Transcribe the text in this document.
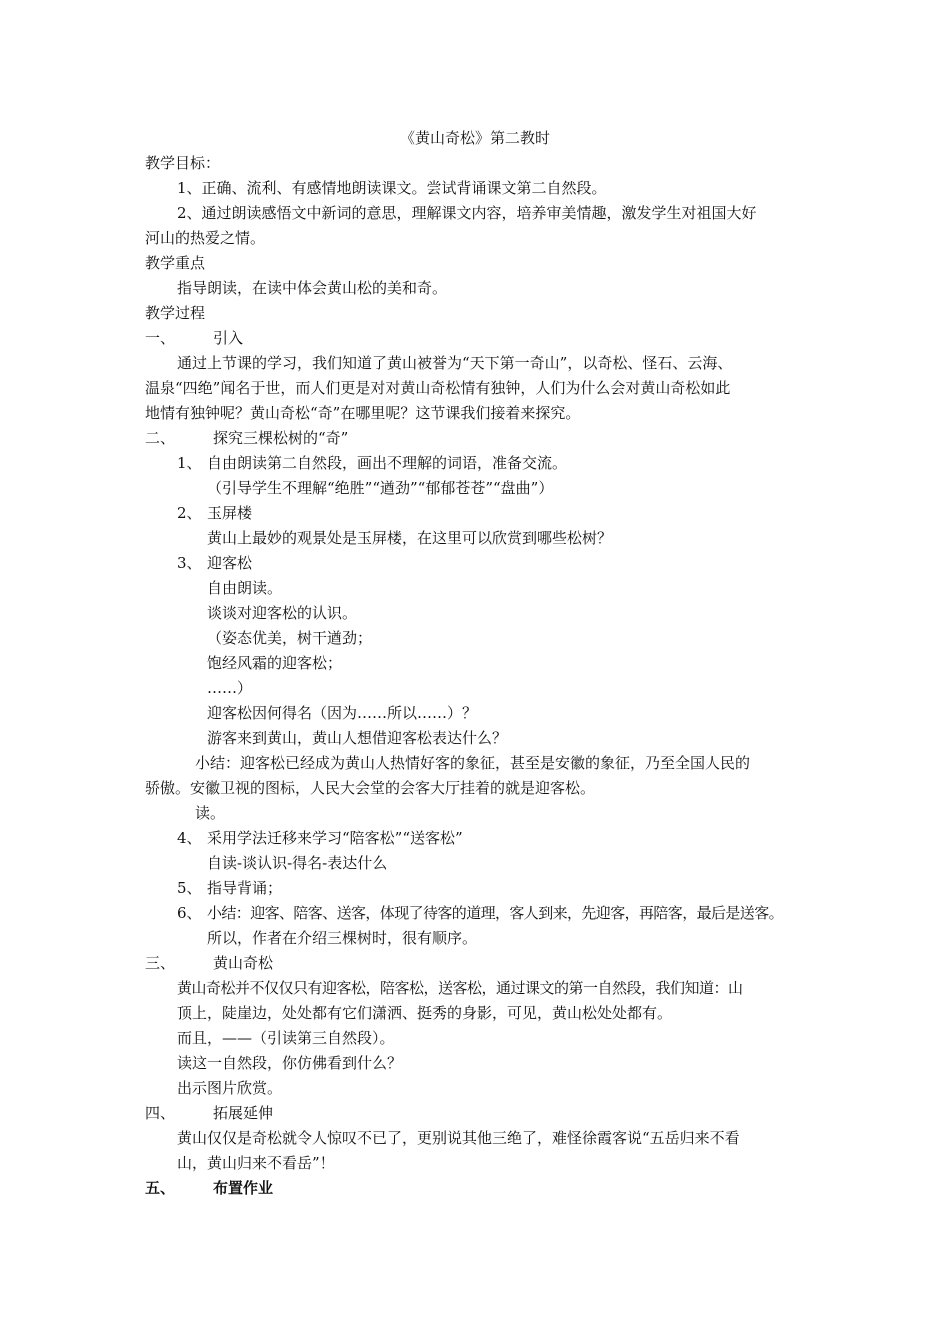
《黄山奇松》第二教时
教学目标：
1、正确、流利、有感情地朗读课文。尝试背诵课文第二自然段。
2、通过朗读感悟文中新词的意思，理解课文内容，培养审美情趣，激发学生对祖国大好
河山的热爱之情。
教学重点
指导朗读，在读中体会黄山松的美和奇。
教学过程
一、	引入
通过上节课的学习，我们知道了黄山被誉为“天下第一奇山”，以奇松、怪石、云海、
温泉“四绝”闻名于世，而人们更是对对黄山奇松情有独钟，人们为什么会对黄山奇松如此
地情有独钟呢？黄山奇松“奇”在哪里呢？这节课我们接着来探究。
二、	探究三棵松树的“奇”
1、 自由朗读第二自然段，画出不理解的词语，准备交流。
（引导学生不理解“绝胜”“遒劲”“郁郁苍苍”“盘曲”）
2、 玉屏楼
黄山上最妙的观景处是玉屏楼，在这里可以欣赏到哪些松树？
3、 迎客松
自由朗读。
谈谈对迎客松的认识。
（姿态优美，树干遒劲；
饱经风霜的迎客松；
……）
迎客松因何得名（因为……所以……）？
游客来到黄山，黄山人想借迎客松表达什么？
小结：迎客松已经成为黄山人热情好客的象征，甚至是安徽的象征，乃至全国人民的
骄傲。安徽卫视的图标，人民大会堂的会客大厅挂着的就是迎客松。
读。
4、 采用学法迁移来学习“陪客松”“送客松”
自读-谈认识-得名-表达什么
5、 指导背诵；
6、 小结：迎客、陪客、送客，体现了待客的道理，客人到来，先迎客，再陪客，最后是送客。
所以，作者在介绍三棵树时，很有顺序。
三、	黄山奇松
黄山奇松并不仅仅只有迎客松，陪客松，送客松，通过课文的第一自然段，我们知道：山
顶上，陡崖边，处处都有它们潇洒、挺秀的身影，可见，黄山松处处都有。
而且，——（引读第三自然段）。
读这一自然段，你仿佛看到什么？
出示图片欣赏。
四、	拓展延伸
黄山仅仅是奇松就令人惊叹不已了，更别说其他三绝了，难怪徐霞客说“五岳归来不看
山，黄山归来不看岳”！
五、	布置作业
